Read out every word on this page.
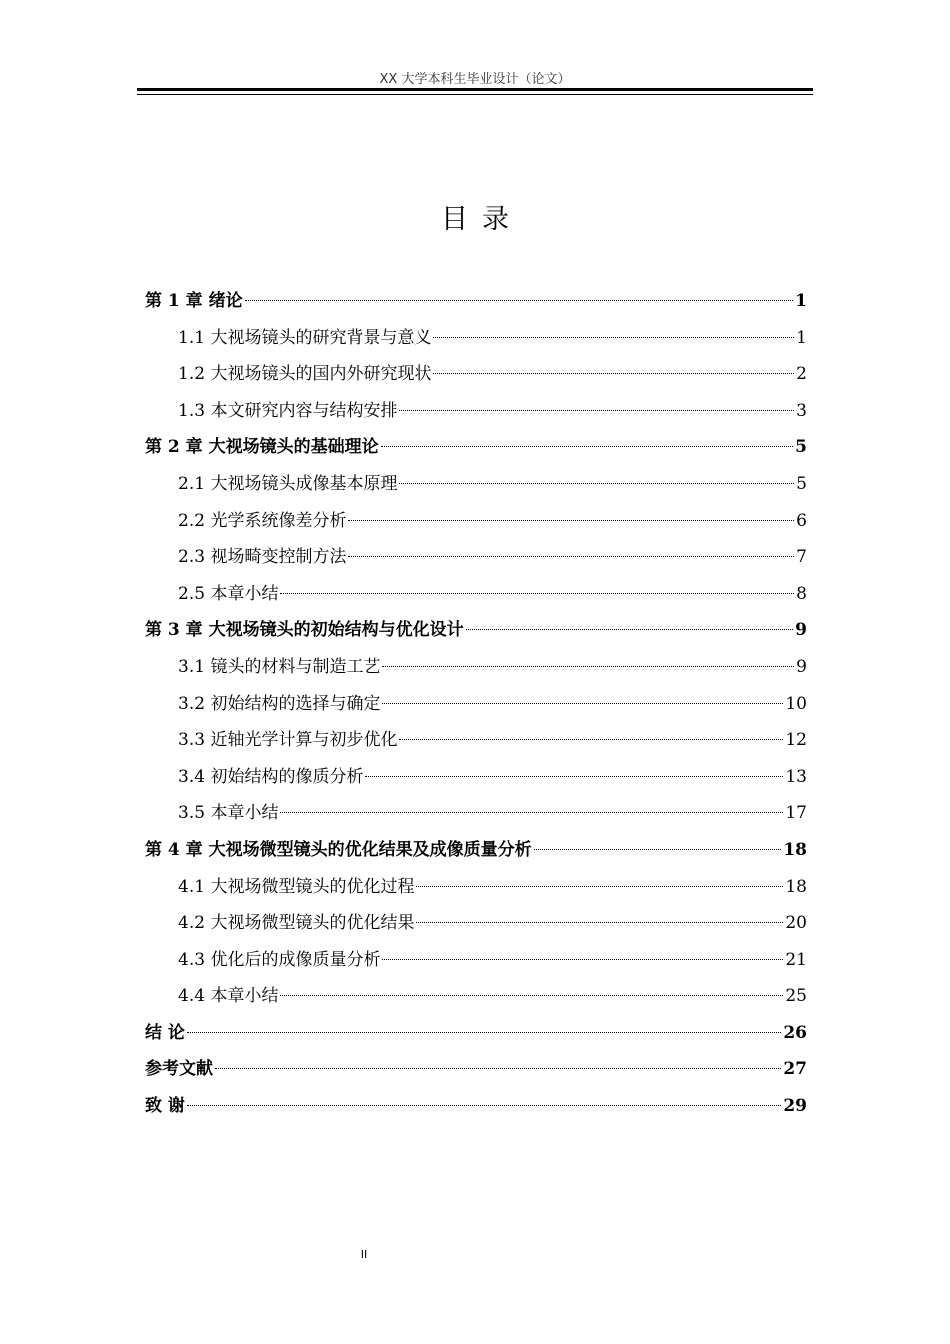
XX 大学本科生毕业设计（论文）
目录
第 1 章 绪论	1
1.1 大视场镜头的研究背景与意义	1
1.2 大视场镜头的国内外研究现状	2
1.3 本文研究内容与结构安排	3
第 2 章 大视场镜头的基础理论	5
2.1 大视场镜头成像基本原理	5
2.2 光学系统像差分析	6
2.3 视场畸变控制方法	7
2.5 本章小结	8
第 3 章 大视场镜头的初始结构与优化设计	9
3.1 镜头的材料与制造工艺	9
3.2 初始结构的选择与确定	10
3.3 近轴光学计算与初步优化	12
3.4 初始结构的像质分析	13
3.5 本章小结	17
第 4 章 大视场微型镜头的优化结果及成像质量分析	18
4.1 大视场微型镜头的优化过程	18
4.2 大视场微型镜头的优化结果	20
4.3 优化后的成像质量分析	21
4.4 本章小结	25
结 论	26
参考文献	27
致 谢	29
II
